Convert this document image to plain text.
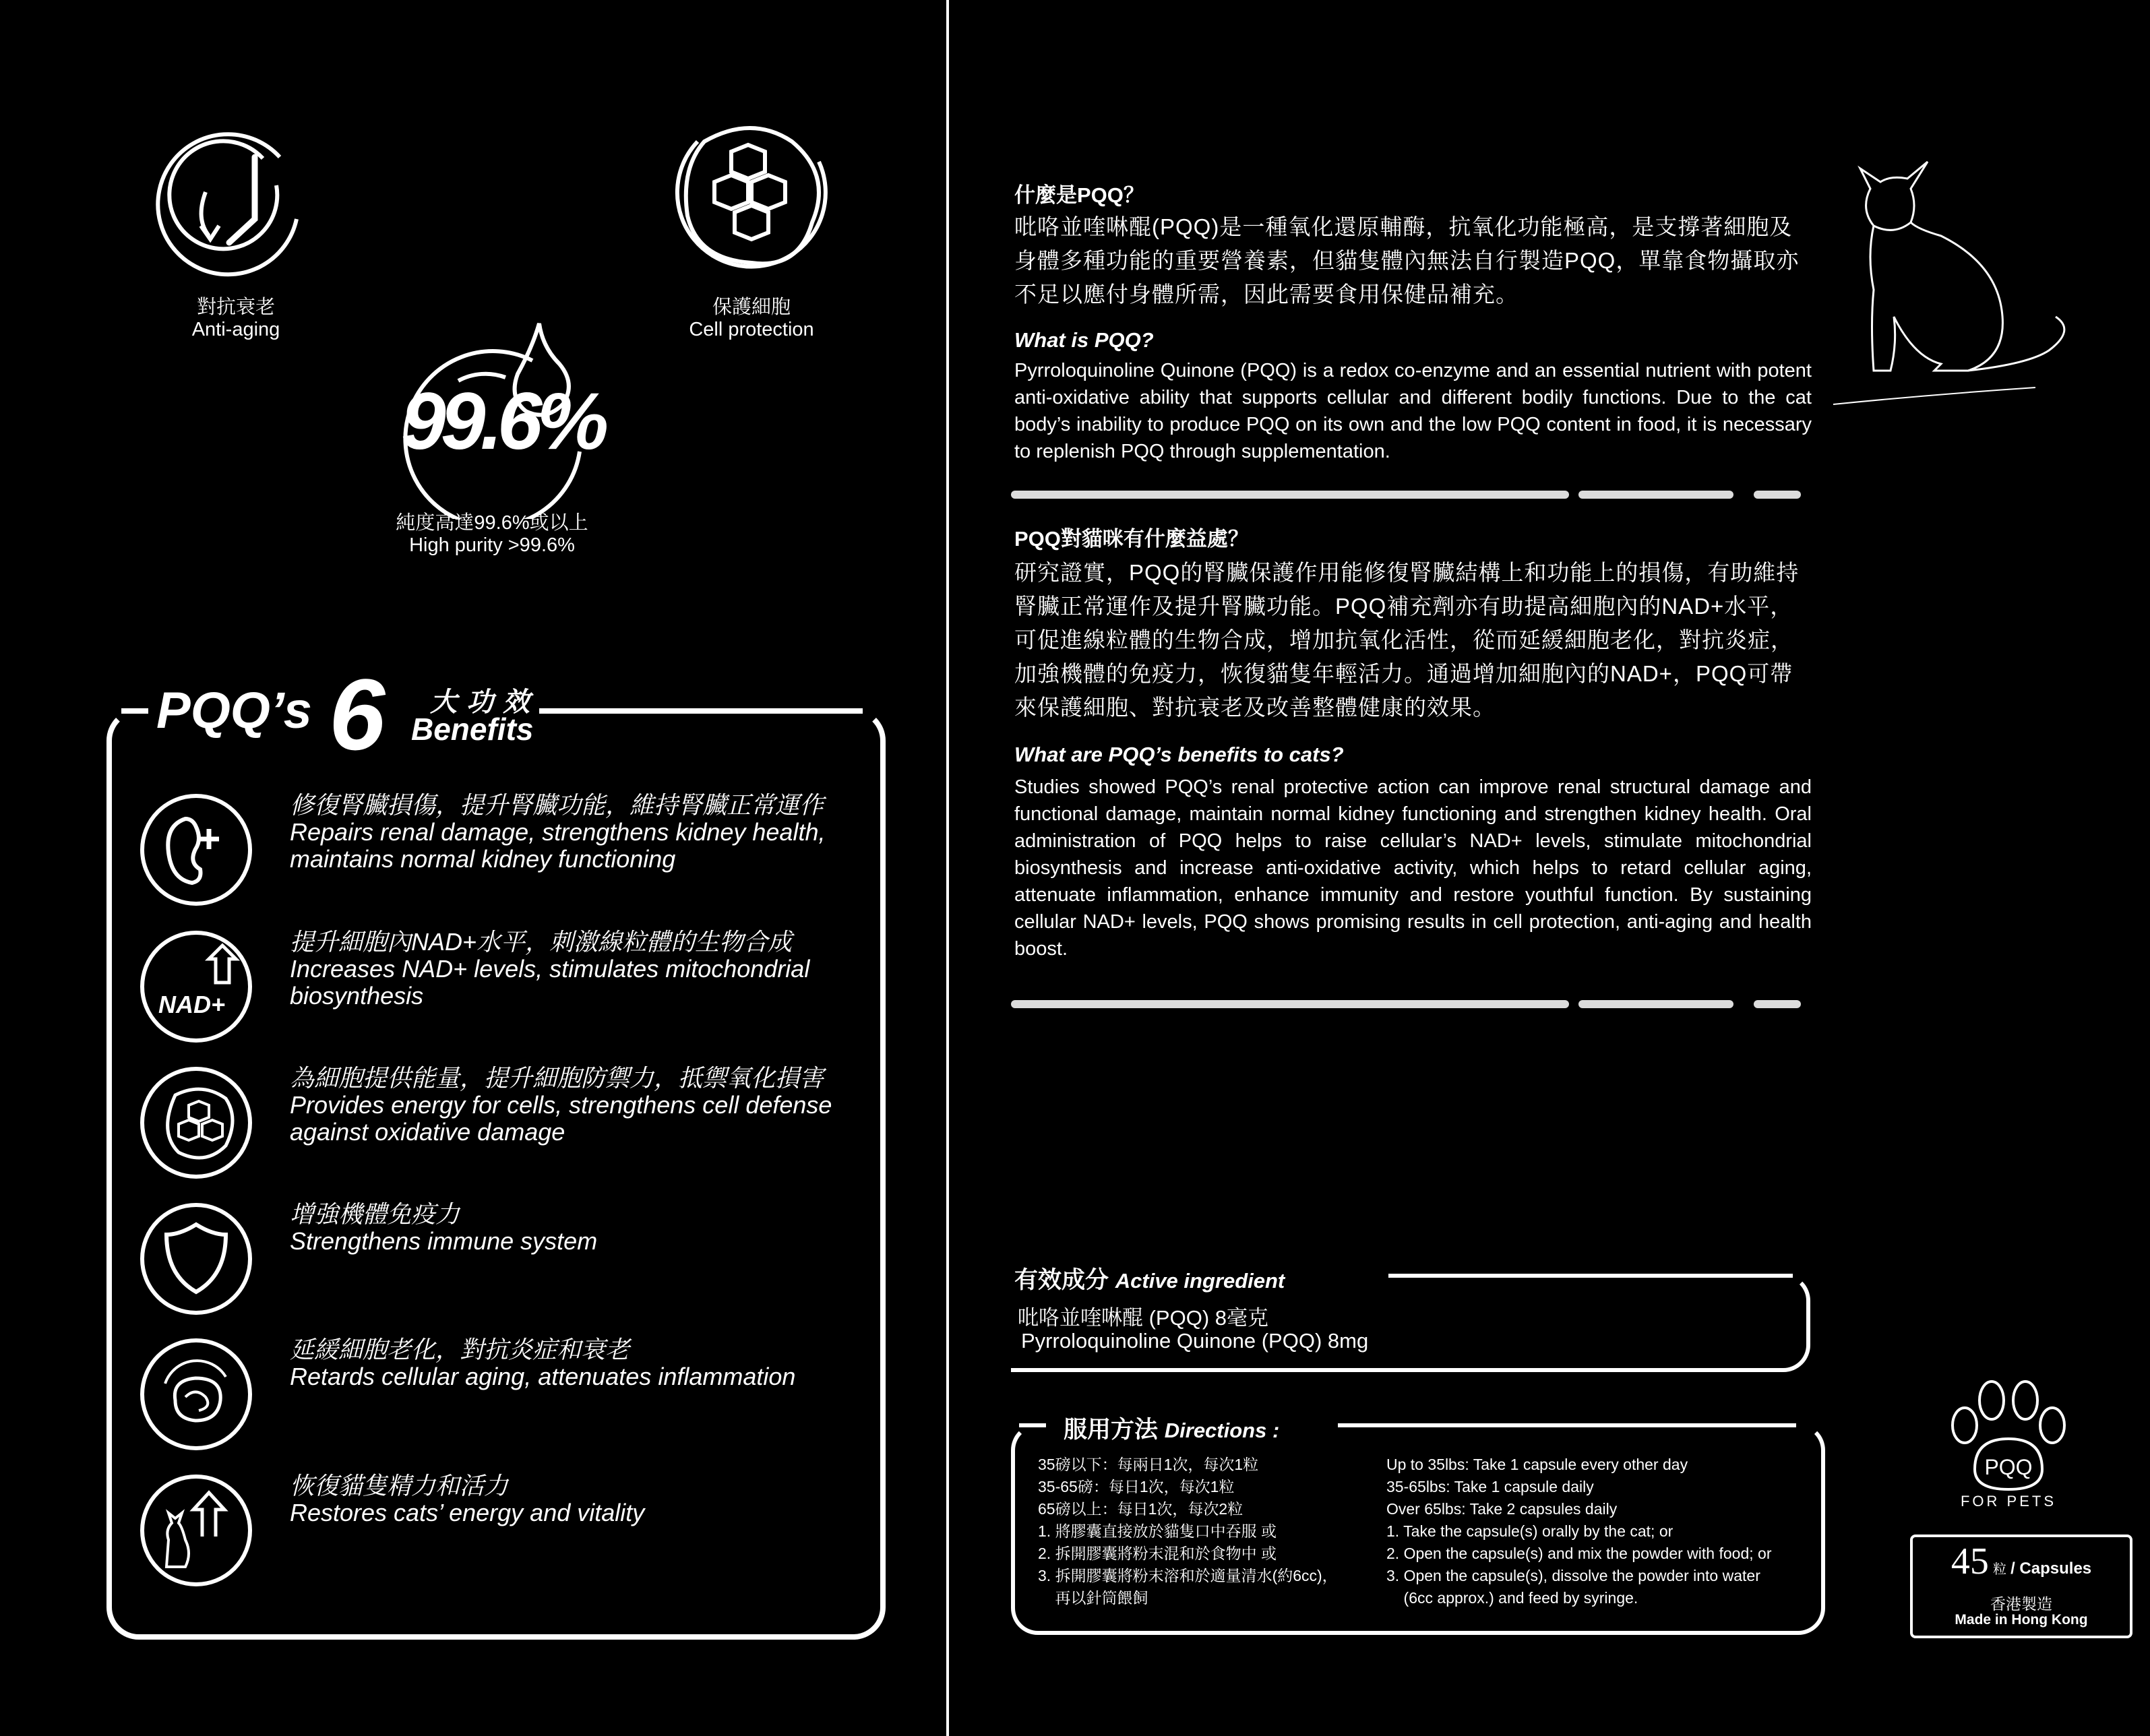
對抗衰老
Anti-aging
保護細胞
Cell protection
99.6%
純度高達99.6%或以上
High purity >99.6%
PQQ’s 6 大功效
Benefits
修復腎臟損傷，提升腎臟功能，維持腎臟正常運作
Repairs renal damage, strengthens kidney health, maintains normal kidney functioning
NAD+
提升細胞內NAD+水平，刺激線粒體的生物合成
Increases NAD+ levels, stimulates mitochondrial biosynthesis
為細胞提供能量，提升細胞防禦力，抵禦氧化損害
Provides energy for cells, strengthens cell defense against oxidative damage
增強機體免疫力
Strengthens immune system
延緩細胞老化，對抗炎症和衰老
Retards cellular aging, attenuates inflammation
恢復貓隻精力和活力
Restores cats’ energy and vitality
什麼是PQQ？
吡咯並喹啉醌(PQQ)是一種氧化還原輔酶，抗氧化功能極高，是支撐著細胞及身體多種功能的重要營養素，但貓隻體內無法自行製造PQQ，單靠食物攝取亦不足以應付身體所需，因此需要食用保健品補充。
What is PQQ?
Pyrroloquinoline Quinone (PQQ) is a redox co-enzyme and an essential nutrient with potent anti-oxidative ability that supports cellular and different bodily functions. Due to the cat body’s inability to produce PQQ on its own and the low PQQ content in food, it is necessary to replenish PQQ through supplementation.
PQQ對貓咪有什麼益處？
研究證實，PQQ的腎臟保護作用能修復腎臟結構上和功能上的損傷，有助維持腎臟正常運作及提升腎臟功能。PQQ補充劑亦有助提高細胞內的NAD+水平，可促進線粒體的生物合成，增加抗氧化活性，從而延緩細胞老化，對抗炎症，加強機體的免疫力，恢復貓隻年輕活力。通過增加細胞內的NAD+，PQQ可帶來保護細胞、對抗衰老及改善整體健康的效果。
What are PQQ’s benefits to cats?
Studies showed PQQ’s renal protective action can improve renal structural damage and functional damage, maintain normal kidney functioning and strengthen kidney health. Oral administration of PQQ helps to raise cellular’s NAD+ levels, stimulate mitochondrial biosynthesis and increase anti-oxidative activity, which helps to retard cellular aging, attenuate inflammation, enhance immunity and restore youthful function. By sustaining cellular NAD+ levels, PQQ shows promising results in cell protection, anti-aging and health boost.
有效成分 Active ingredient
吡咯並喹啉醌 (PQQ) 8毫克
Pyrroloquinoline Quinone (PQQ) 8mg
服用方法 Directions :
35磅以下：每兩日1次，每次1粒
35-65磅：每日1次，每次1粒
65磅以上：每日1次，每次2粒
1. 將膠囊直接放於貓隻口中吞服 或
2. 拆開膠囊將粉末混和於食物中 或
3. 拆開膠囊將粉末溶和於適量清水(約6cc)，
再以針筒餵飼
Up to 35lbs: Take 1 capsule every other day
35-65lbs: Take 1 capsule daily
Over 65lbs: Take 2 capsules daily
1. Take the capsule(s) orally by the cat; or
2. Open the capsule(s) and mix the powder with food; or
3. Open the capsule(s), dissolve the powder into water
(6cc approx.) and feed by syringe.
PQQ
FOR PETS
45 粒 / Capsules
香港製造
Made in Hong Kong
